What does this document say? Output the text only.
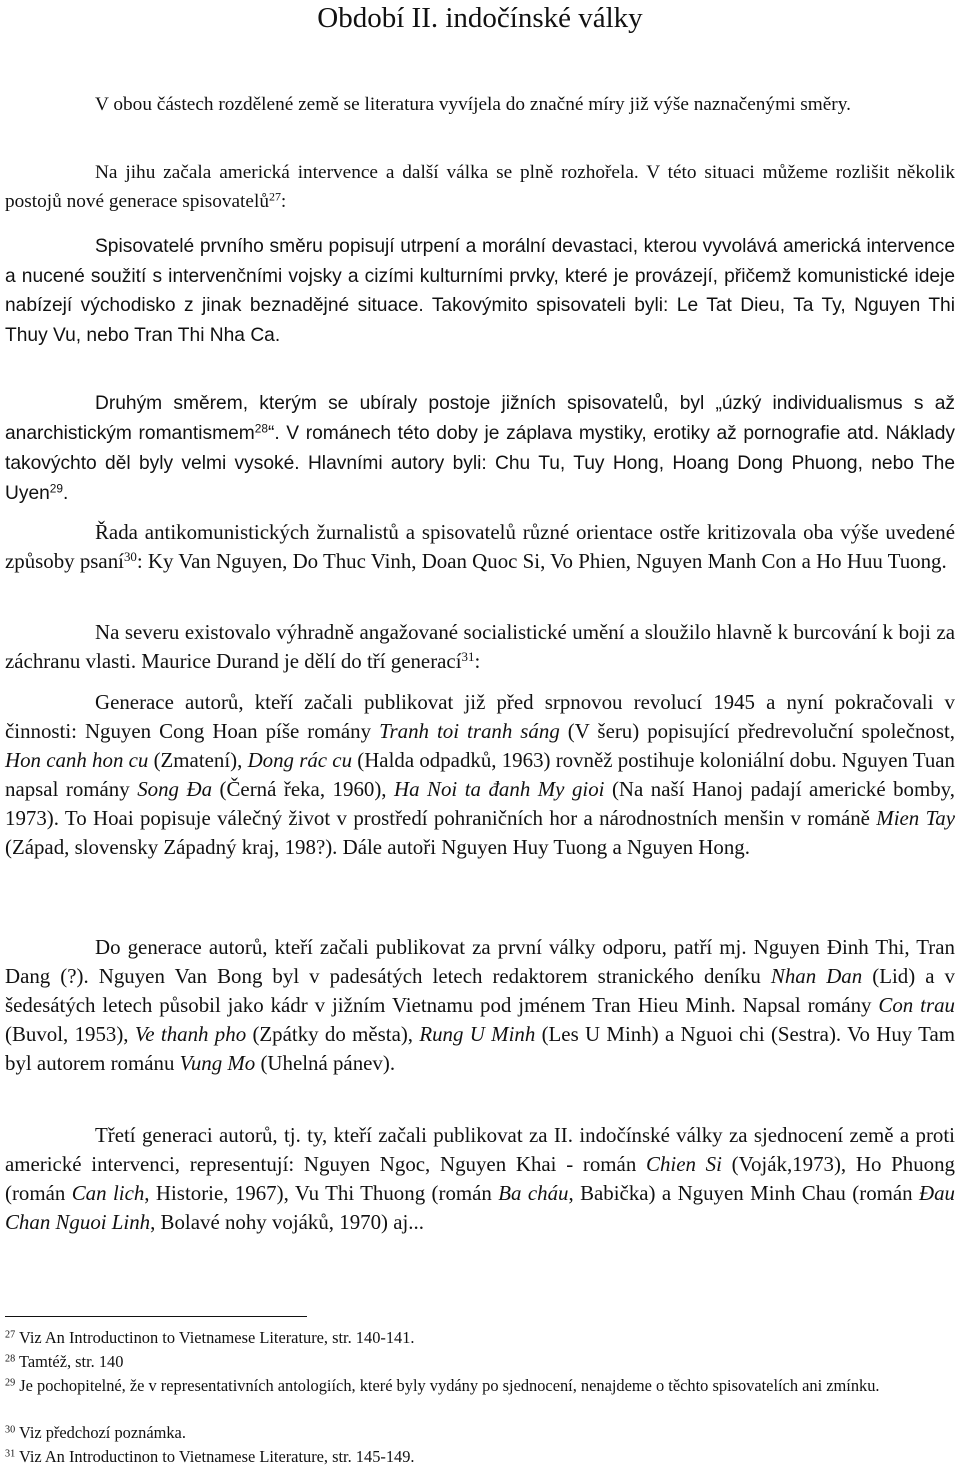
Období II. indočínské války

V obou částech rozdělené země se literatura vyvíjela do značné míry již výše naznačenými směry.

Na jihu začala americká intervence a další válka se plně rozhořela. V této situaci můžeme rozlišit několik postojů nové generace spisovatelů$^{27}$:

Spisovatelé prvního směru popisují utrpení a morální devastaci, kterou vyvolává americká intervence a nucené soužití s intervenčními vojsky a cizími kulturními prvky, které je provázejí, přičemž komunistické ideje nabízejí východisko z jinak beznadějné situace. Takovýmito spisovateli byli: Le Tat Dieu, Ta Ty, Nguyen Thi Thuy Vu, nebo Tran Thi Nha Ca.

Druhým směrem, kterým se ubíraly postoje jižních spisovatelů, byl „úzký individualismus s až anarchistickým romantismem$^{28}$“. V románech této doby je záplava mystiky, erotiky až pornografie atd. Náklady takovýchto děl byly velmi vysoké. Hlavními autory byli: Chu Tu, Tuy Hong, Hoang Dong Phuong, nebo The Uyen$^{29}$.

Řada antikomunistických žurnalistů a spisovatelů různé orientace ostře kritizovala oba výše uvedené způsoby psaní$^{30}$: Ky Van Nguyen, Do Thuc Vinh, Doan Quoc Si, Vo Phien, Nguyen Manh Con a Ho Huu Tuong.

Na severu existovalo výhradně angažované socialistické umění a sloužilo hlavně k burcování k boji za záchranu vlasti. Maurice Durand je dělí do tří generací$^{31}$:

Generace autorů, kteří začali publikovat již před srpnovou revolucí 1945 a nyní pokračovali v činnosti: Nguyen Cong Hoan píše romány Tranh toi tranh sáng (V šeru) popisující předrevoluční společnost, Hon canh hon cu (Zmatení), Dong rác cu (Halda odpadků, 1963) rovněž postihuje koloniální dobu. Nguyen Tuan napsal romány Song Đa (Černá řeka, 1960), Ha Noi ta đanh My gioi (Na naší Hanoj padají americké bomby, 1973). To Hoai popisuje válečný život v prostředí pohraničních hor a národnostních menšin v románě Mien Tay (Západ, slovensky Západný kraj, 198?). Dále autoři Nguyen Huy Tuong a Nguyen Hong.

Do generace autorů, kteří začali publikovat za první války odporu, patří mj. Nguyen Đinh Thi, Tran Dang (?). Nguyen Van Bong byl v padesátých letech redaktorem stranického deníku Nhan Dan (Lid) a v šedesátých letech působil jako kádr v jižním Vietnamu pod jménem Tran Hieu Minh. Napsal romány Con trau (Buvol, 1953), Ve thanh pho (Zpátky do města), Rung U Minh (Les U Minh) a Nguoi chi (Sestra). Vo Huy Tam byl autorem románu Vung Mo (Uhelná pánev).

Třetí generaci autorů, tj. ty, kteří začali publikovat za II. indočínské války za sjednocení země a proti americké intervenci, representují: Nguyen Ngoc, Nguyen Khai - román Chien Si (Voják,1973), Ho Phuong (román Can lich, Historie, 1967), Vu Thi Thuong (román Ba cháu, Babička) a Nguyen Minh Chau (román Đau Chan Nguoi Linh, Bolavé nohy vojáků, 1970) aj...

$^{27}$ Viz An Introductinon to Vietnamese Literature, str. 140-141.

$^{28}$ Tamtéž, str. 140

$^{29}$ Je pochopitelné, že v representativních antologiích, které byly vydány po sjednocení, nenajdeme o těchto spisovatelích ani zmínku.

$^{30}$ Viz předchozí poznámka.

$^{31}$ Viz An Introductinon to Vietnamese Literature, str. 145-149.
